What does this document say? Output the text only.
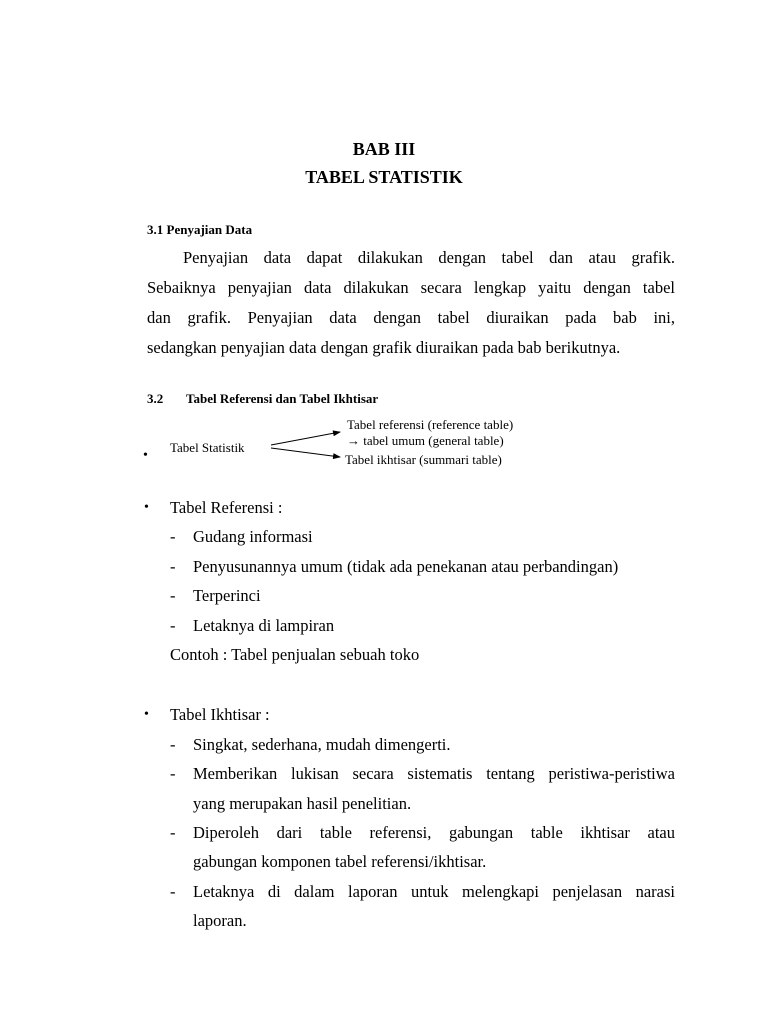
BAB III
TABEL STATISTIK
3.1 Penyajian Data
Penyajian data dapat dilakukan dengan tabel dan atau grafik.
Sebaiknya penyajian data dilakukan secara lengkap yaitu dengan tabel
dan grafik. Penyajian data dengan tabel diuraikan pada bab ini,
sedangkan penyajian data dengan grafik diuraikan pada bab berikutnya.
3.2 Tabel Referensi dan Tabel Ikhtisar
•
Tabel Statistik
Tabel referensi (reference table)
→ tabel umum (general table)
Tabel ikhtisar (summari table)
• Tabel Referensi :
- Gudang informasi
- Penyusunannya umum (tidak ada penekanan atau perbandingan)
- Terperinci
- Letaknya di lampiran
Contoh : Tabel penjualan sebuah toko
• Tabel Ikhtisar :
- Singkat, sederhana, mudah dimengerti.
- Memberikan lukisan secara sistematis tentang peristiwa-peristiwa
yang merupakan hasil penelitian.
- Diperoleh dari table referensi, gabungan table ikhtisar atau
gabungan komponen tabel referensi/ikhtisar.
- Letaknya di dalam laporan untuk melengkapi penjelasan narasi
laporan.
